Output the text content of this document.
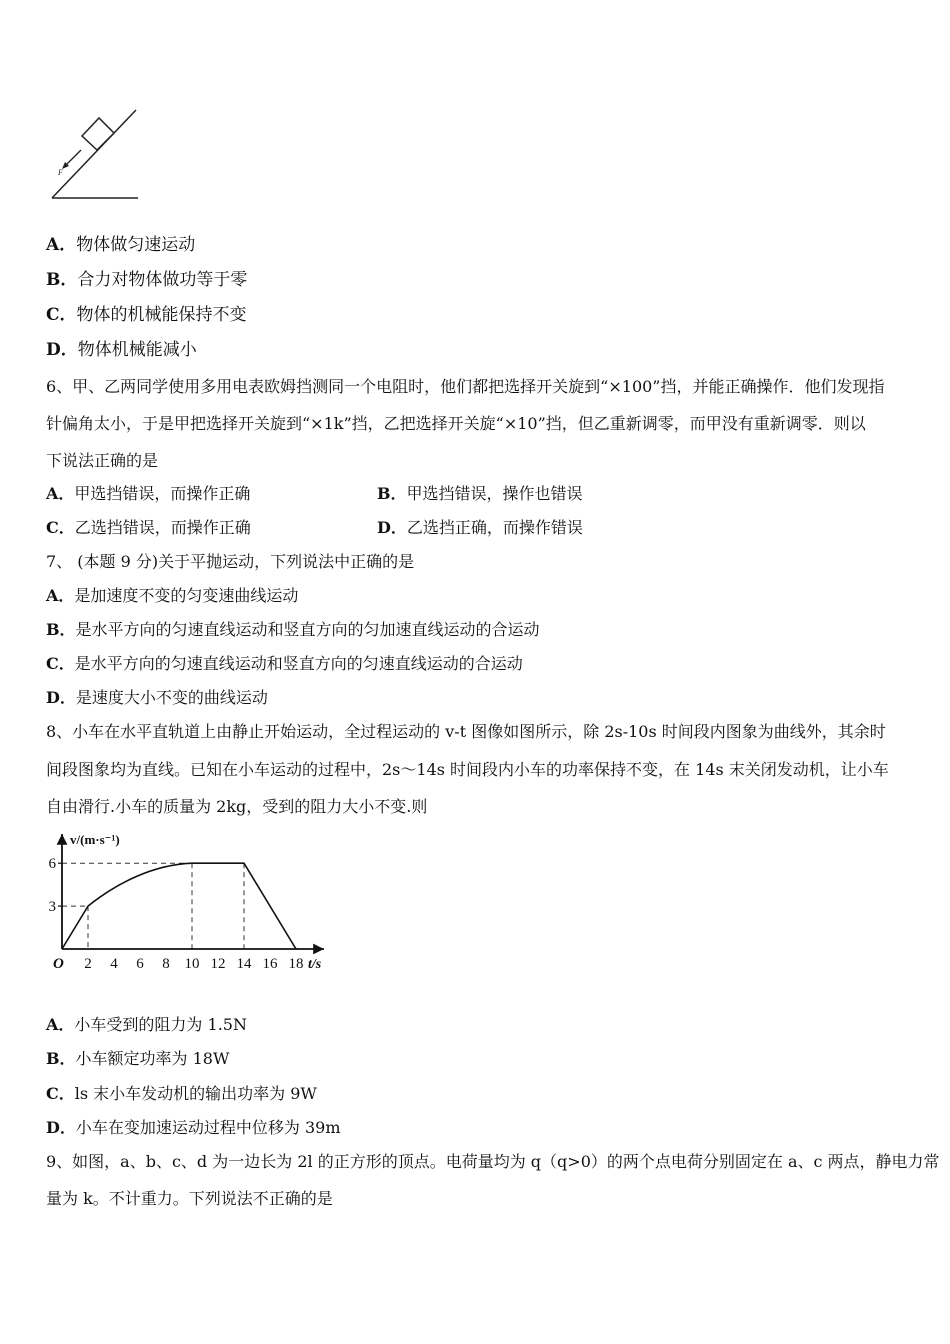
F
A．物体做匀速运动
B．合力对物体做功等于零
C．物体的机械能保持不变
D．物体机械能减小
6、甲、乙两同学使用多用电表欧姆挡测同一个电阻时，他们都把选择开关旋到“×100”挡，并能正确操作．他们发现指
针偏角太小，于是甲把选择开关旋到“×1k”挡，乙把选择开关旋“×10”挡，但乙重新调零，而甲没有重新调零．则以
下说法正确的是
A．甲选挡错误，而操作正确	B．甲选挡错误，操作也错误
C．乙选挡错误，而操作正确	D．乙选挡正确，而操作错误
7、 (本题 9 分)关于平抛运动，下列说法中正确的是
A．是加速度不变的匀变速曲线运动
B．是水平方向的匀速直线运动和竖直方向的匀加速直线运动的合运动
C．是水平方向的匀速直线运动和竖直方向的匀速直线运动的合运动
D．是速度大小不变的曲线运动
8、小车在水平直轨道上由静止开始运动，全过程运动的 v-t 图像如图所示，除 2s-10s 时间段内图象为曲线外，其余时
间段图象均为直线。已知在小车运动的过程中，2s～14s 时间段内小车的功率保持不变，在 14s 末关闭发动机，让小车
自由滑行.小车的质量为 2kg，受到的阻力大小不变.则
2 4 6 8 10 12 14 16 18
3
6
v/(m·s⁻¹)
t/s
O
A．小车受到的阻力为 1.5N
B．小车额定功率为 18W
C．ls 末小车发动机的输出功率为 9W
D．小车在变加速运动过程中位移为 39m
9、如图，a、b、c、d 为一边长为 2l 的正方形的顶点。电荷量均为 q（q>0）的两个点电荷分别固定在 a、c 两点，静电力常
量为 k。不计重力。下列说法不正确的是
